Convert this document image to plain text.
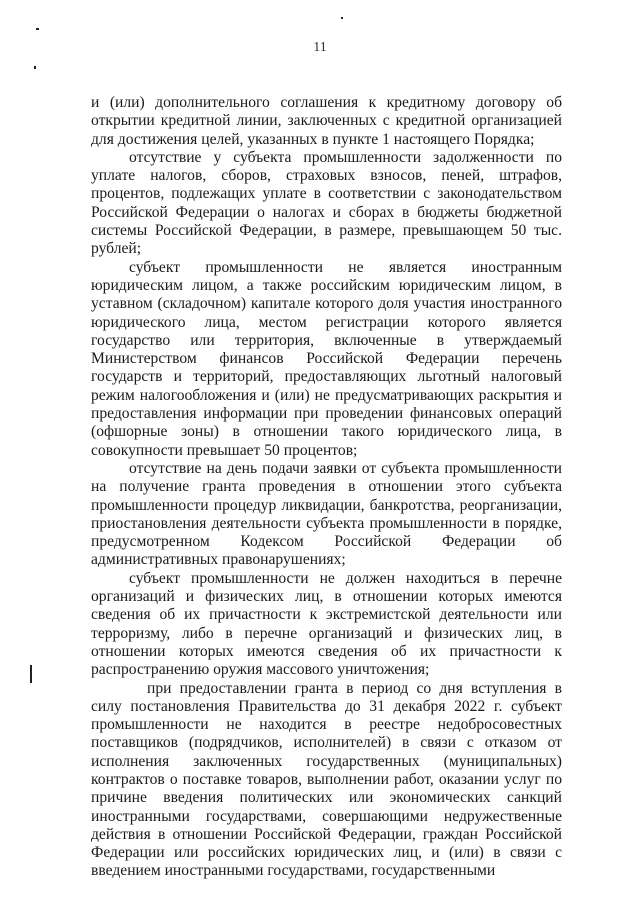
11

и (или) дополнительного соглашения к кредитному договору об открытии кредитной линии, заключенных с кредитной организацией для достижения целей, указанных в пункте 1 настоящего Порядка;

отсутствие у субъекта промышленности задолженности по уплате налогов, сборов, страховых взносов, пеней, штрафов, процентов, подлежащих уплате в соответствии с законодательством Российской Федерации о налогах и сборах в бюджеты бюджетной системы Российской Федерации, в размере, превышающем 50 тыс. рублей;

субъект промышленности не является иностранным юридическим лицом, а также российским юридическим лицом, в уставном (складочном) капитале которого доля участия иностранного юридического лица, местом регистрации которого является государство или территория, включенные в утверждаемый Министерством финансов Российской Федерации перечень государств и территорий, предоставляющих льготный налоговый режим налогообложения и (или) не предусматривающих раскрытия и предоставления информации при проведении финансовых операций (офшорные зоны) в отношении такого юридического лица, в совокупности превышает 50 процентов;

отсутствие на день подачи заявки от субъекта промышленности на получение гранта проведения в отношении этого субъекта промышленности процедур ликвидации, банкротства, реорганизации, приостановления деятельности субъекта промышленности в порядке, предусмотренном Кодексом Российской Федерации об административных правонарушениях;

субъект промышленности не должен находиться в перечне организаций и физических лиц, в отношении которых имеются сведения об их причастности к экстремистской деятельности или терроризму, либо в перечне организаций и физических лиц, в отношении которых имеются сведения об их причастности к распространению оружия массового уничтожения;

при предоставлении гранта в период со дня вступления в силу постановления Правительства до 31 декабря 2022 г. субъект промышленности не находится в реестре недобросовестных поставщиков (подрядчиков, исполнителей) в связи с отказом от исполнения заключенных государственных (муниципальных) контрактов о поставке товаров, выполнении работ, оказании услуг по причине введения политических или экономических санкций иностранными государствами, совершающими недружественные действия в отношении Российской Федерации, граждан Российской Федерации или российских юридических лиц, и (или) в связи с введением иностранными государствами, государственными
